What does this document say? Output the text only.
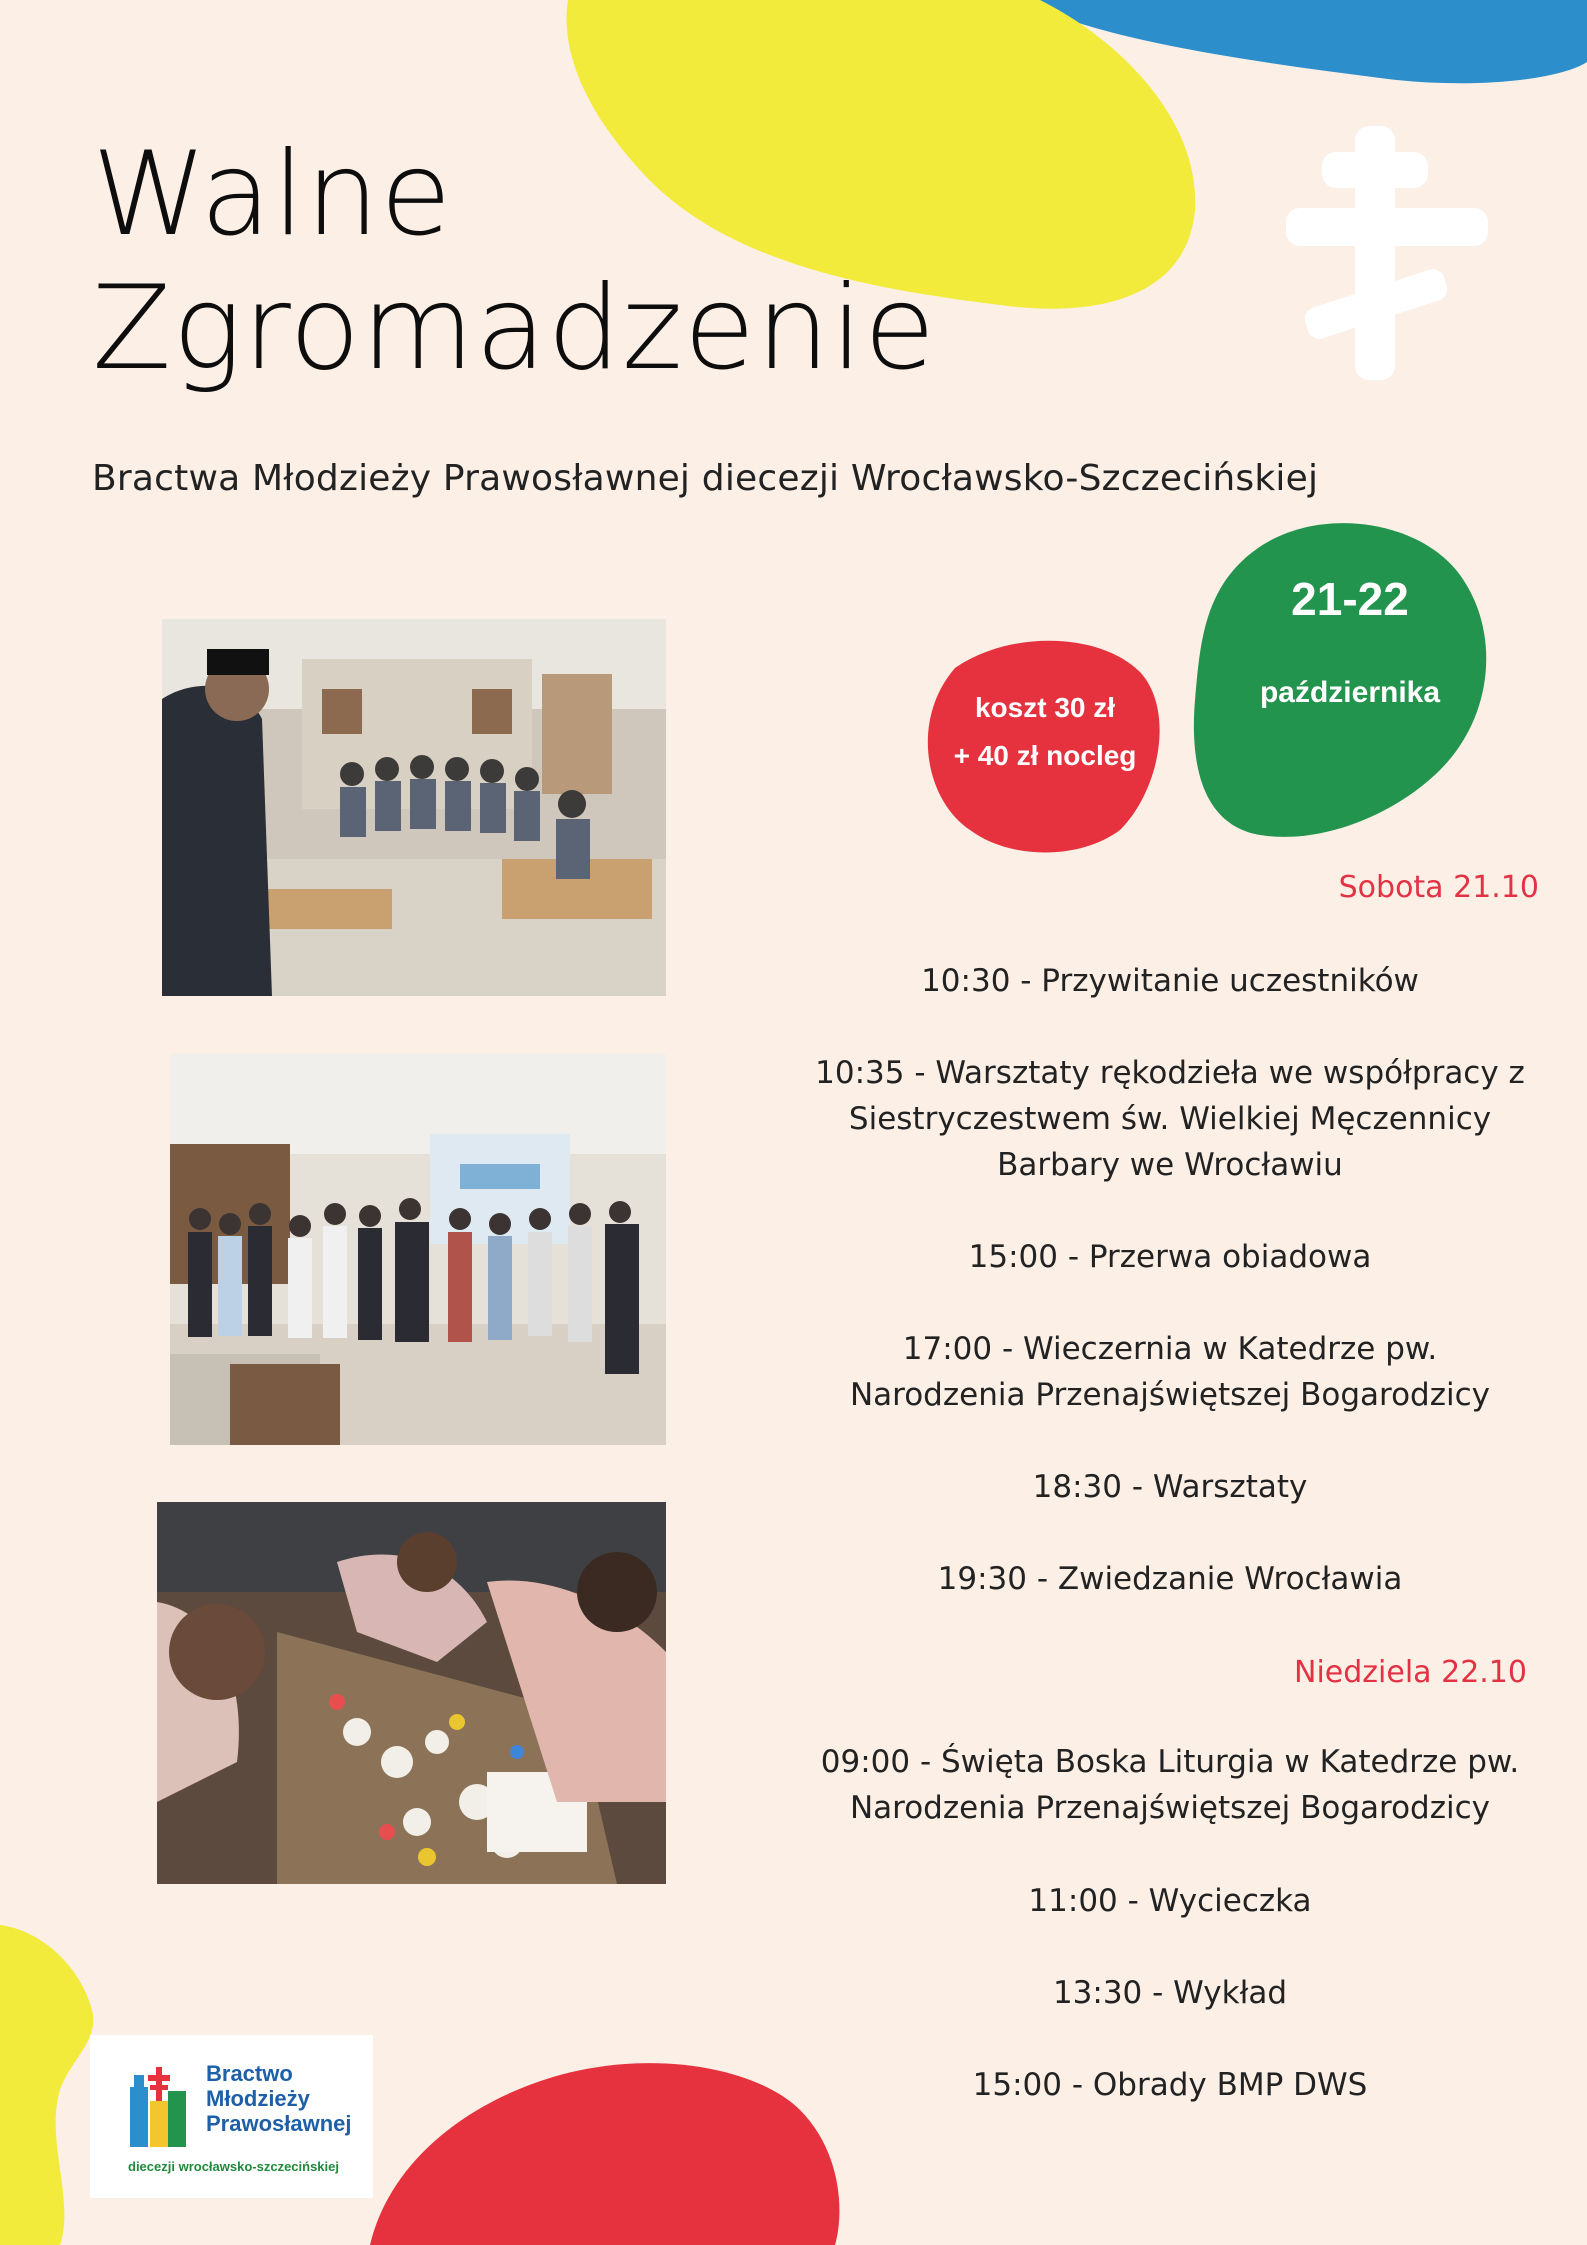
Walne
Zgromadzenie
Bractwa Młodzieży Prawosławnej diecezji Wrocławsko-Szczecińskiej
21-22
października
koszt 30 zł
+ 40 zł nocleg
Sobota 21.10
10:30 - Przywitanie uczestników
10:35 - Warsztaty rękodzieła we współpracy z
Siestryczestwem św. Wielkiej Męczennicy
Barbary we Wrocławiu
15:00 - Przerwa obiadowa
17:00 - Wieczernia w Katedrze pw.
Narodzenia Przenajświętszej Bogarodzicy
18:30 - Warsztaty
19:30 - Zwiedzanie Wrocławia
Niedziela 22.10
09:00 - Święta Boska Liturgia w Katedrze pw.
Narodzenia Przenajświętszej Bogarodzicy
11:00 - Wycieczka
13:30 - Wykład
15:00 - Obrady BMP DWS
Bractwo
Młodzieży
Prawosławnej
diecezji wrocławsko-szczecińskiej
